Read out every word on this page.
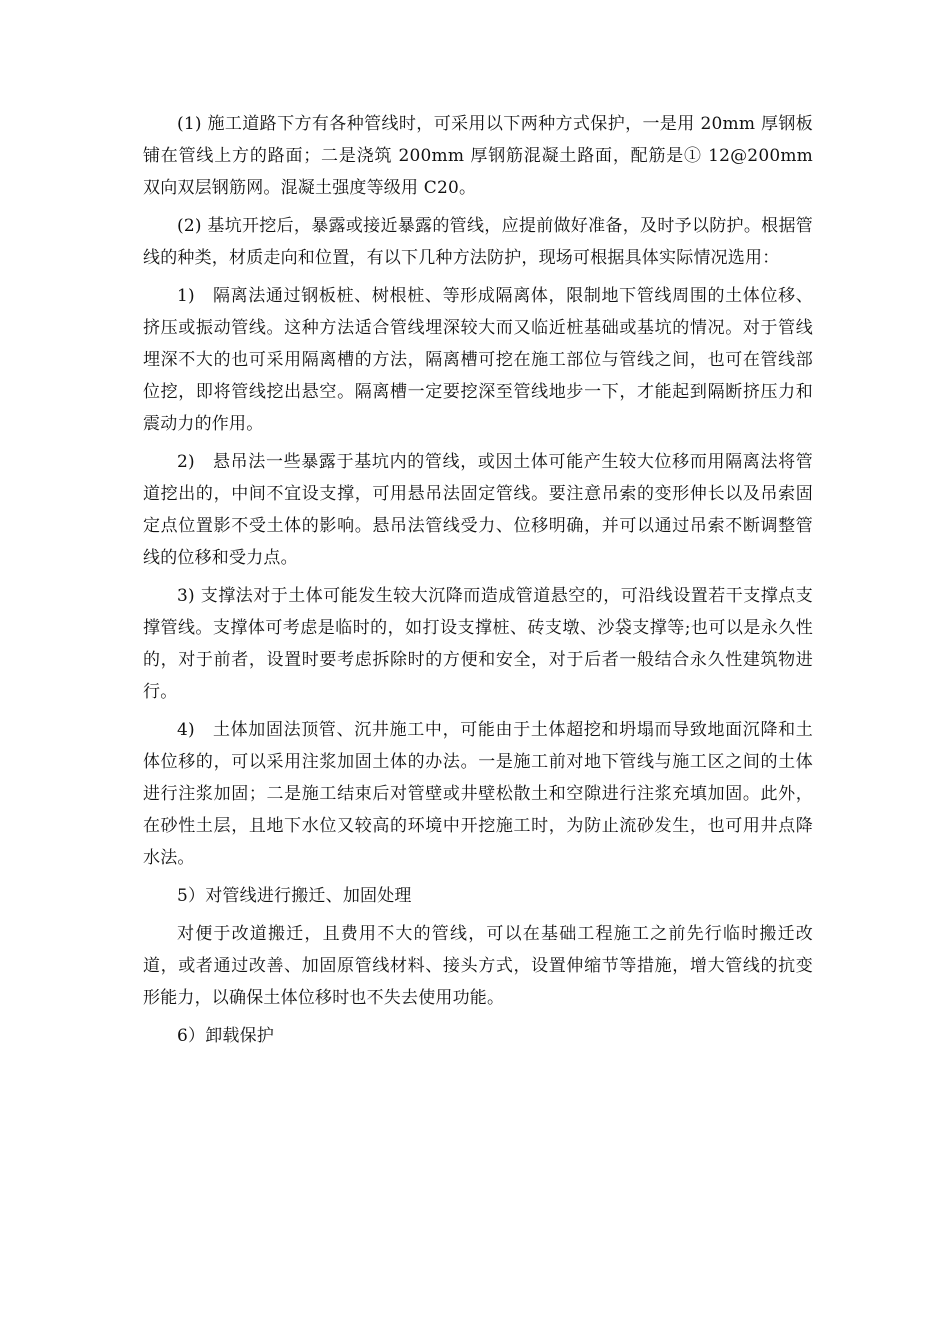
(1) 施工道路下方有各种管线时，可采用以下两种方式保护，一是用 20mm 厚钢板铺在管线上方的路面；二是浇筑 200mm 厚钢筋混凝土路面，配筋是① 12@200mm 双向双层钢筋网。混凝土强度等级用 C20。

(2) 基坑开挖后，暴露或接近暴露的管线，应提前做好准备，及时予以防护。根据管线的种类，材质走向和位置，有以下几种方法防护，现场可根据具体实际情况选用：

1)　隔离法通过钢板桩、树根桩、等形成隔离体，限制地下管线周围的土体位移、挤压或振动管线。这种方法适合管线埋深较大而又临近桩基础或基坑的情况。对于管线埋深不大的也可采用隔离槽的方法，隔离槽可挖在施工部位与管线之间，也可在管线部位挖，即将管线挖出悬空。隔离槽一定要挖深至管线地步一下，才能起到隔断挤压力和震动力的作用。

2)　悬吊法一些暴露于基坑内的管线，或因土体可能产生较大位移而用隔离法将管道挖出的，中间不宜设支撑，可用悬吊法固定管线。要注意吊索的变形伸长以及吊索固定点位置影不受土体的影响。悬吊法管线受力、位移明确，并可以通过吊索不断调整管线的位移和受力点。

3) 支撑法对于土体可能发生较大沉降而造成管道悬空的，可沿线设置若干支撑点支撑管线。支撑体可考虑是临时的，如打设支撑桩、砖支墩、沙袋支撑等;也可以是永久性的，对于前者，设置时要考虑拆除时的方便和安全，对于后者一般结合永久性建筑物进行。

4)　土体加固法顶管、沉井施工中，可能由于土体超挖和坍塌而导致地面沉降和土体位移的，可以采用注浆加固土体的办法。一是施工前对地下管线与施工区之间的土体进行注浆加固；二是施工结束后对管壁或井壁松散土和空隙进行注浆充填加固。此外，在砂性土层，且地下水位又较高的环境中开挖施工时，为防止流砂发生，也可用井点降水法。

5）对管线进行搬迁、加固处理

对便于改道搬迁，且费用不大的管线，可以在基础工程施工之前先行临时搬迁改道，或者通过改善、加固原管线材料、接头方式，设置伸缩节等措施，增大管线的抗变形能力，以确保土体位移时也不失去使用功能。

6）卸载保护
